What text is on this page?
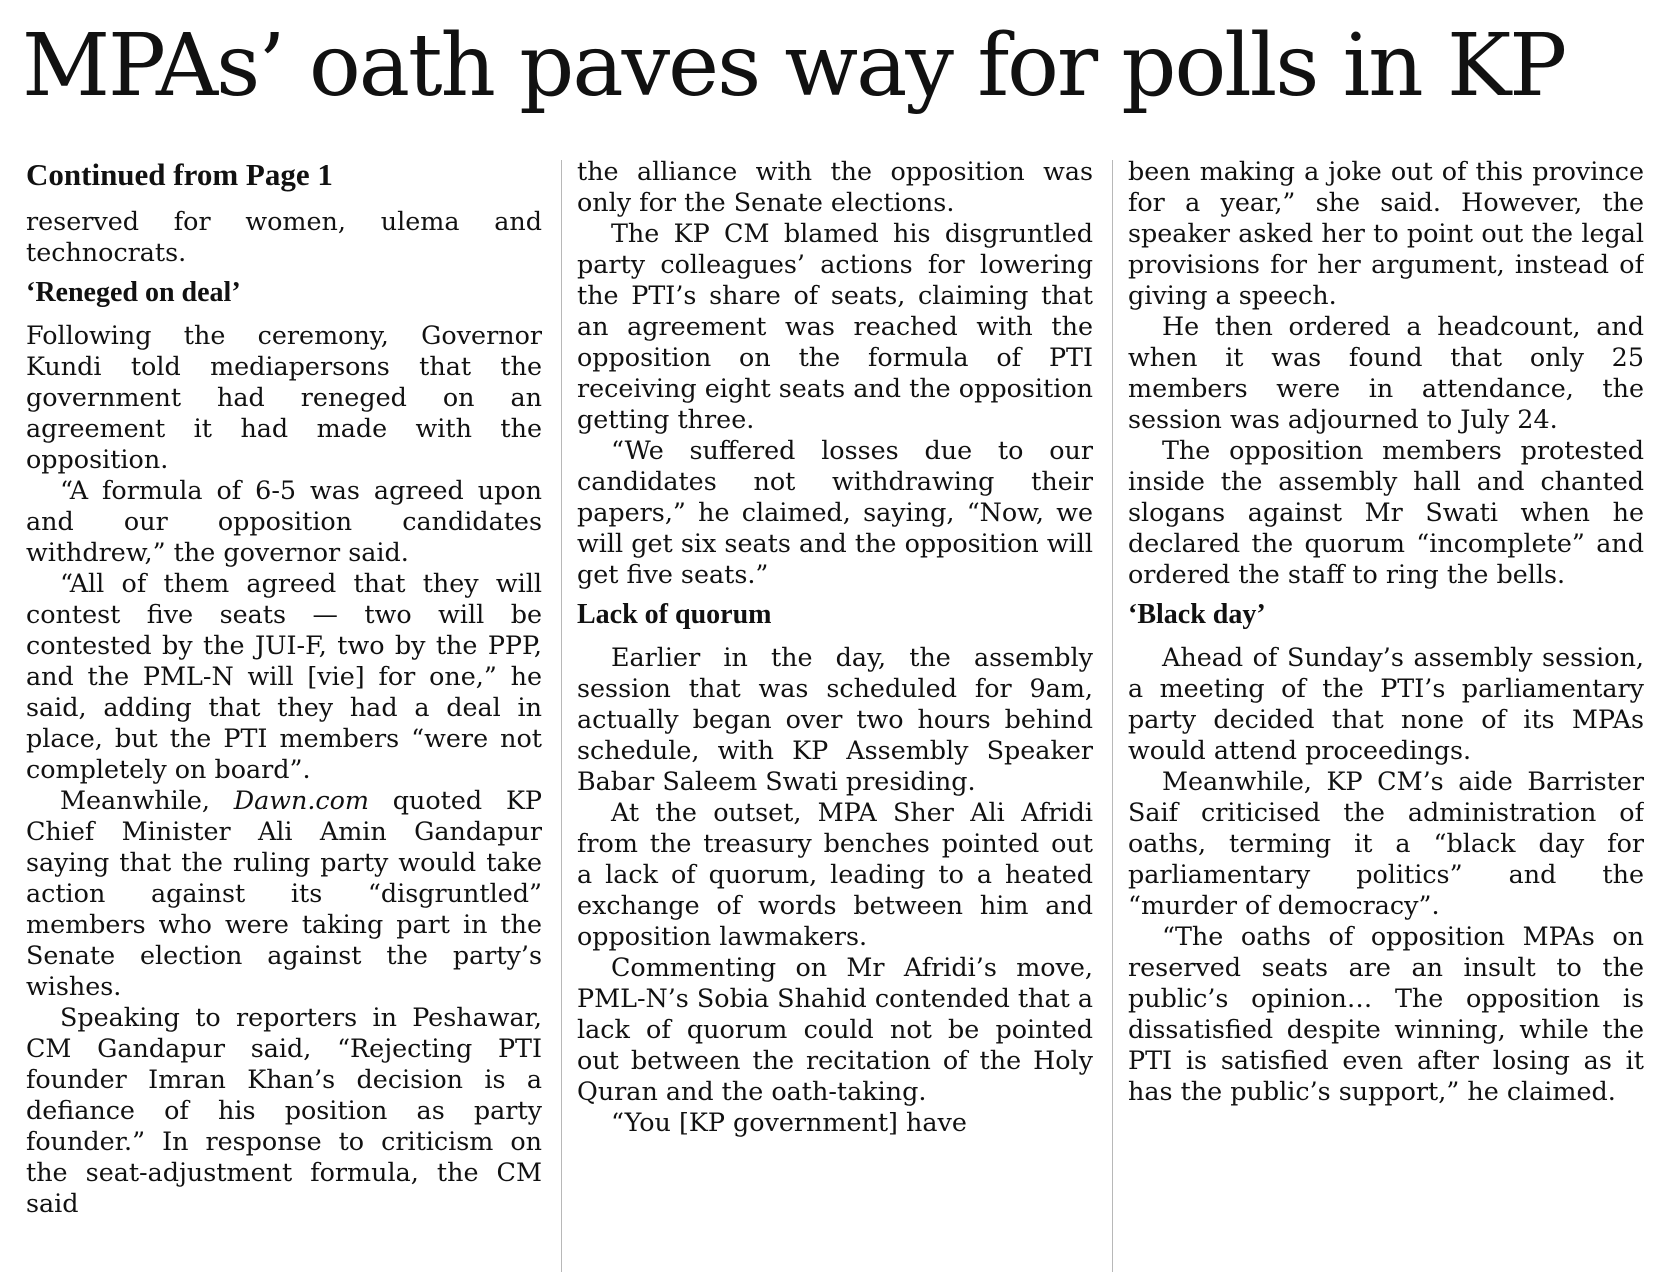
MPAs’ oath paves way for polls in KP
Continued from Page 1

reserved for women, ulema and technocrats.

‘Reneged on deal’

Following the ceremony, Governor Kundi told mediapersons that the government had reneged on an agreement it had made with the opposition.

“A formula of 6-5 was agreed upon and our opposition candidates withdrew,” the governor said.

“All of them agreed that they will contest five seats — two will be contested by the JUI-F, two by the PPP, and the PML-N will [vie] for one,” he said, adding that they had a deal in place, but the PTI members “were not completely on board”.

Meanwhile, Dawn.com quoted KP Chief Minister Ali Amin Gandapur saying that the ruling party would take action against its “disgruntled” members who were taking part in the Senate election against the party’s wishes.

Speaking to reporters in Peshawar, CM Gandapur said, “Rejecting PTI founder Imran Khan’s decision is a defiance of his position as party founder.” In response to criticism on the seat-adjustment formula, the CM said

the alliance with the opposition was only for the Senate elections.

The KP CM blamed his disgruntled party colleagues’ actions for lowering the PTI’s share of seats, claiming that an agreement was reached with the opposition on the formula of PTI receiving eight seats and the opposition getting three.

“We suffered losses due to our candidates not withdrawing their papers,” he claimed, saying, “Now, we will get six seats and the opposition will get five seats.”

Lack of quorum

Earlier in the day, the assembly session that was scheduled for 9am, actually began over two hours behind schedule, with KP Assembly Speaker Babar Saleem Swati presiding.

At the outset, MPA Sher Ali Afridi from the treasury benches pointed out a lack of quorum, leading to a heated exchange of words between him and opposition lawmakers.

Commenting on Mr Afridi’s move, PML-N’s Sobia Shahid contended that a lack of quorum could not be pointed out between the recitation of the Holy Quran and the oath-taking.

“You [KP government] have

been making a joke out of this province for a year,” she said. However, the speaker asked her to point out the legal provisions for her argument, instead of giving a speech.

He then ordered a headcount, and when it was found that only 25 members were in attendance, the session was adjourned to July 24.

The opposition members protested inside the assembly hall and chanted slogans against Mr Swati when he declared the quorum “incomplete” and ordered the staff to ring the bells.

‘Black day’

Ahead of Sunday’s assembly session, a meeting of the PTI’s parliamentary party decided that none of its MPAs would attend proceedings.

Meanwhile, KP CM’s aide Barrister Saif criticised the administration of oaths, terming it a “black day for parliamentary politics” and the “murder of democracy”.

“The oaths of opposition MPAs on reserved seats are an insult to the public’s opinion… The opposition is dissatisfied despite winning, while the PTI is satisfied even after losing as it has the public’s support,” he claimed.
